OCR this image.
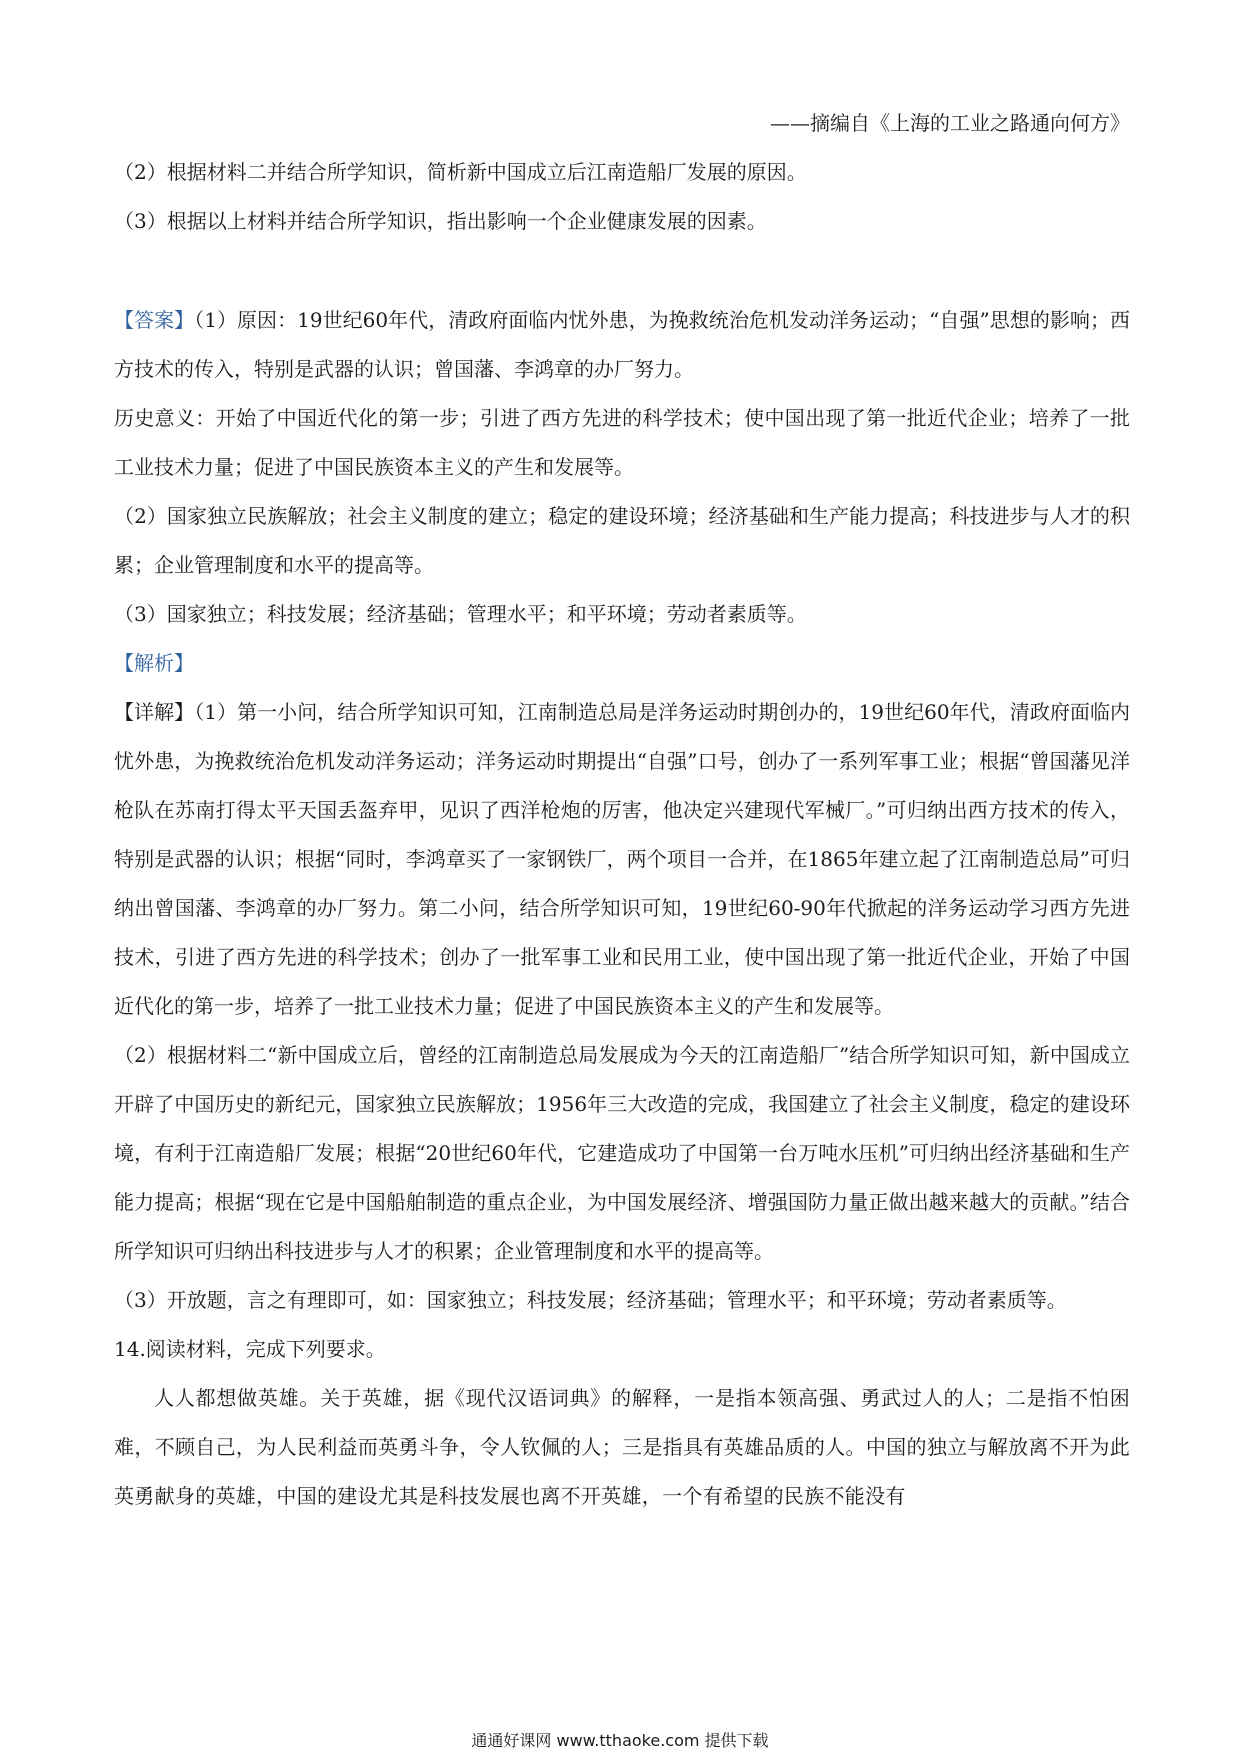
——摘编自《上海的工业之路通向何方》
（2）根据材料二并结合所学知识，简析新中国成立后江南造船厂发展的原因。
（3）根据以上材料并结合所学知识，指出影响一个企业健康发展的因素。
【答案】（1）原因：19世纪60年代，清政府面临内忧外患，为挽救统治危机发动洋务运动；“自强”思想的影响；西方技术的传入，特别是武器的认识；曾国藩、李鸿章的办厂努力。
历史意义：开始了中国近代化的第一步；引进了西方先进的科学技术；使中国出现了第一批近代企业；培养了一批工业技术力量；促进了中国民族资本主义的产生和发展等。
（2）国家独立民族解放；社会主义制度的建立；稳定的建设环境；经济基础和生产能力提高；科技进步与人才的积累；企业管理制度和水平的提高等。
（3）国家独立；科技发展；经济基础；管理水平；和平环境；劳动者素质等。
【解析】
【详解】（1）第一小问，结合所学知识可知，江南制造总局是洋务运动时期创办的，19世纪60年代，清政府面临内忧外患，为挽救统治危机发动洋务运动；洋务运动时期提出“自强”口号，创办了一系列军事工业；根据“曾国藩见洋枪队在苏南打得太平天国丢盔弃甲，见识了西洋枪炮的厉害，他决定兴建现代军械厂。”可归纳出西方技术的传入，特别是武器的认识；根据“同时，李鸿章买了一家钢铁厂，两个项目一合并，在1865年建立起了江南制造总局”可归纳出曾国藩、李鸿章的办厂努力。第二小问，结合所学知识可知，19世纪60-90年代掀起的洋务运动学习西方先进技术，引进了西方先进的科学技术；创办了一批军事工业和民用工业，使中国出现了第一批近代企业，开始了中国近代化的第一步，培养了一批工业技术力量；促进了中国民族资本主义的产生和发展等。
（2）根据材料二“新中国成立后，曾经的江南制造总局发展成为今天的江南造船厂”结合所学知识可知，新中国成立开辟了中国历史的新纪元，国家独立民族解放；1956年三大改造的完成，我国建立了社会主义制度，稳定的建设环境，有利于江南造船厂发展；根据“20世纪60年代，它建造成功了中国第一台万吨水压机”可归纳出经济基础和生产能力提高；根据“现在它是中国船舶制造的重点企业，为中国发展经济、增强国防力量正做出越来越大的贡献。”结合所学知识可归纳出科技进步与人才的积累；企业管理制度和水平的提高等。
（3）开放题，言之有理即可，如：国家独立；科技发展；经济基础；管理水平；和平环境；劳动者素质等。
14.阅读材料，完成下列要求。
人人都想做英雄。关于英雄，据《现代汉语词典》的解释，一是指本领高强、勇武过人的人；二是指不怕困难，不顾自己，为人民利益而英勇斗争，令人钦佩的人；三是指具有英雄品质的人。中国的独立与解放离不开为此英勇献身的英雄，中国的建设尤其是科技发展也离不开英雄，一个有希望的民族不能没有
通通好课网 www.tthaoke.com 提供下载
